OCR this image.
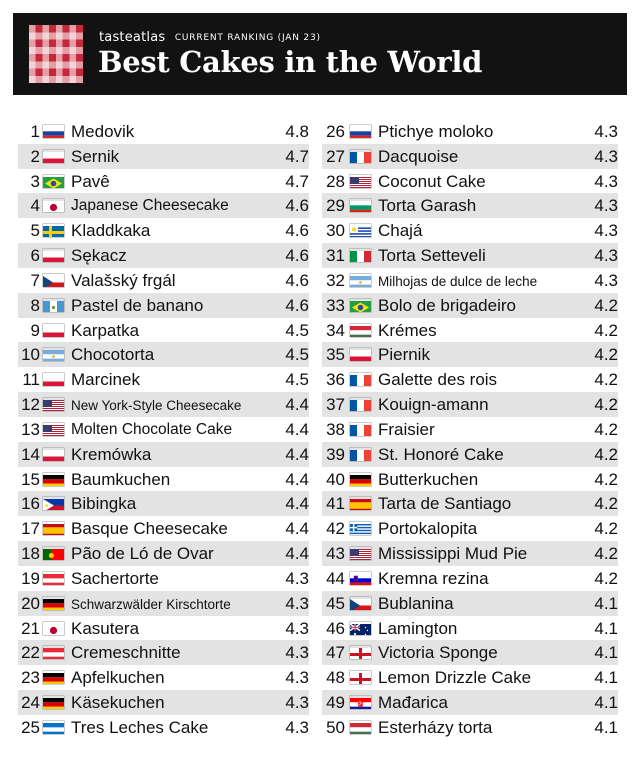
tasteatlas CURRENT RANKING (JAN 23)
Best Cakes in the World
1 Medovik	4.8
2 Sernik	4.7
3 Pavê	4.7
4 Japanese Cheesecake	4.6
5 Kladdkaka	4.6
6 Sękacz	4.6
7 Valašský frgál	4.6
8 Pastel de banano	4.6
9 Karpatka	4.5
10 Chocotorta	4.5
11 Marcinek	4.5
12 New York-Style Cheesecake	4.4
13 Molten Chocolate Cake	4.4
14 Kremówka	4.4
15 Baumkuchen	4.4
16 Bibingka	4.4
17 Basque Cheesecake	4.4
18 Pão de Ló de Ovar	4.4
19 Sachertorte	4.3
20 Schwarzwälder Kirschtorte	4.3
21 Kasutera	4.3
22 Cremeschnitte	4.3
23 Apfelkuchen	4.3
24 Käsekuchen	4.3
25 Tres Leches Cake	4.3
26 Ptichye moloko	4.3
27 Dacquoise	4.3
28 Coconut Cake	4.3
29 Torta Garash	4.3
30 Chajá	4.3
31 Torta Setteveli	4.3
32 Milhojas de dulce de leche	4.3
33 Bolo de brigadeiro	4.2
34 Krémes	4.2
35 Piernik	4.2
36 Galette des rois	4.2
37 Kouign-amann	4.2
38 Fraisier	4.2
39 St. Honoré Cake	4.2
40 Butterkuchen	4.2
41 Tarta de Santiago	4.2
42 Portokalopita	4.2
43 Mississippi Mud Pie	4.2
44 Kremna rezina	4.2
45 Bublanina	4.1
46 Lamington	4.1
47 Victoria Sponge	4.1
48 Lemon Drizzle Cake	4.1
49 Mađarica	4.1
50 Esterházy torta	4.1
